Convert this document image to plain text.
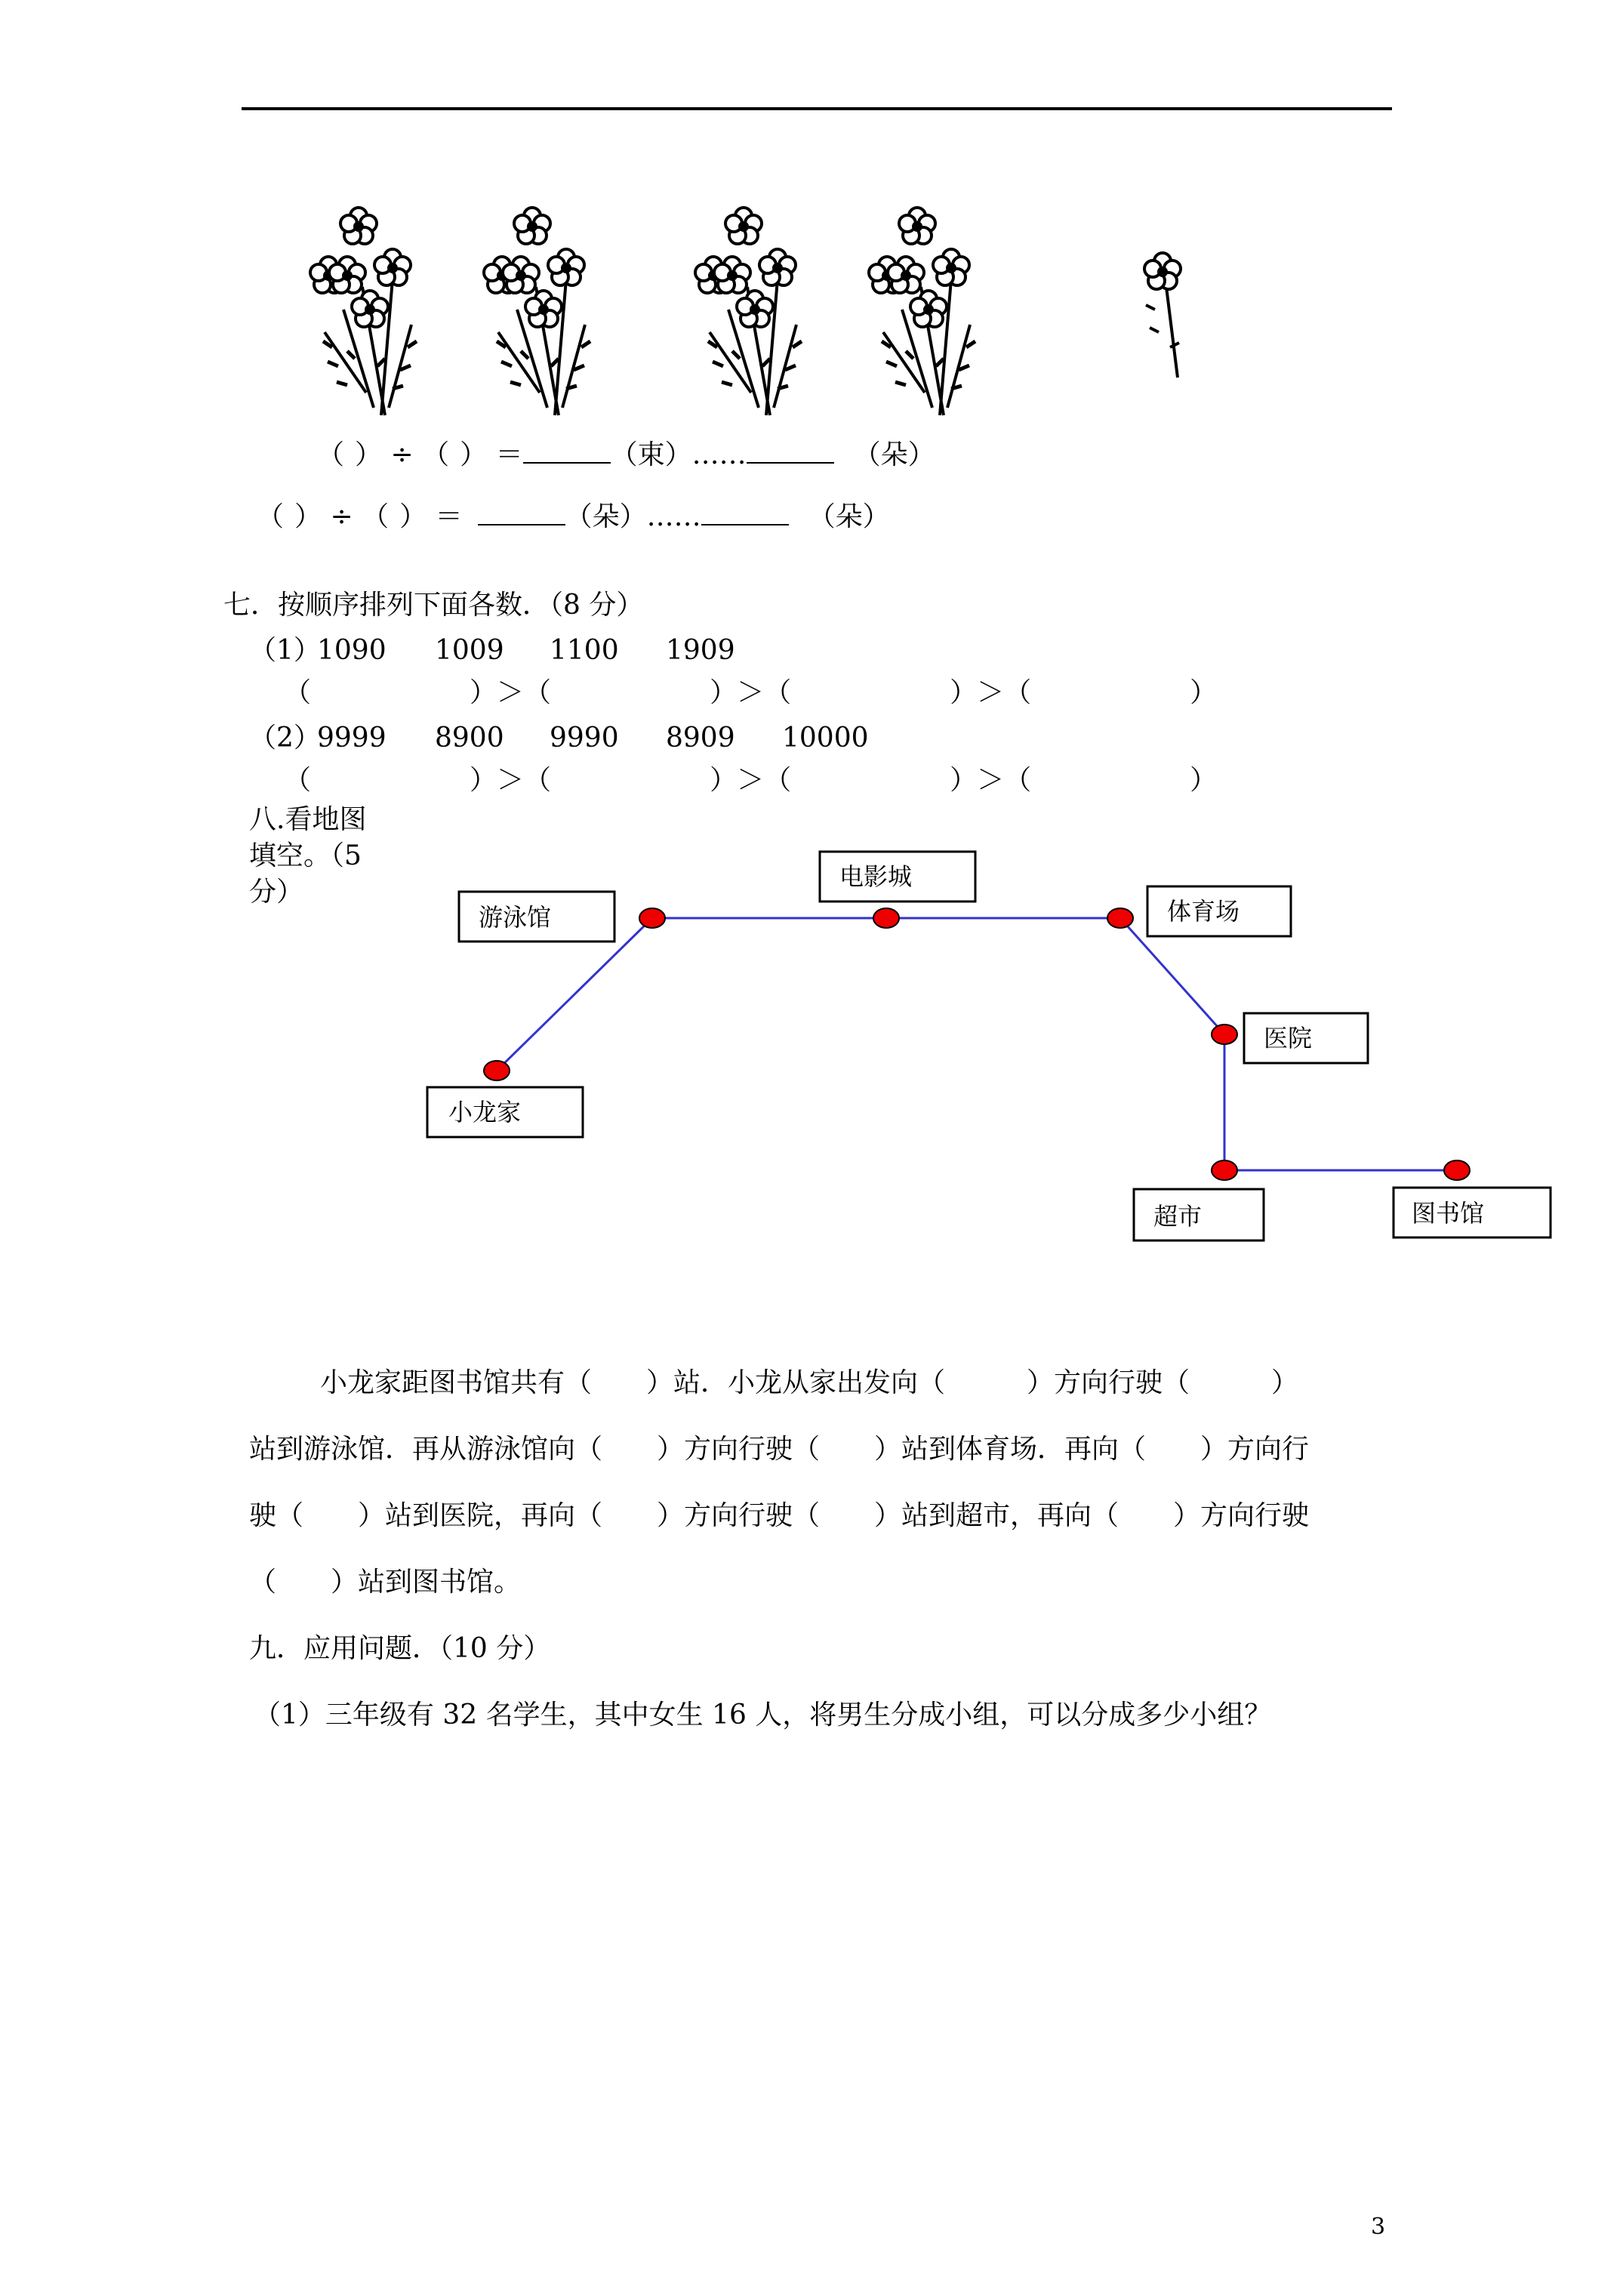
（ ） ÷ （ ） ＝	（束）……	（朵）
（ ） ÷ （ ） ＝	（朵）……	（朵）
七．按顺序排列下面各数．（8 分）
（1）
1090 1009 1100 1909
（	）＞（	）＞（	）＞（	）
（2）
9999 8900 9990 8909 10000
（	）＞（	）＞（	）＞（	）
八.看地图
填空。（5
分）
游泳馆
电影城
体育场
医院
小龙家
超市	图书馆
小龙家距图书馆共有（　　）站．小龙从家出发向（　　　）方向行驶（　　　）
站到游泳馆．再从游泳馆向（　　）方向行驶（　　）站到体育场．再向（　　）方向行
驶（　　）站到医院，再向（　　）方向行驶（　　）站到超市，再向（　　）方向行驶
（　　）站到图书馆。
九．应用问题．（10 分）
（1）三年级有 32 名学生，其中女生 16 人，将男生分成小组，可以分成多少小组？
3
